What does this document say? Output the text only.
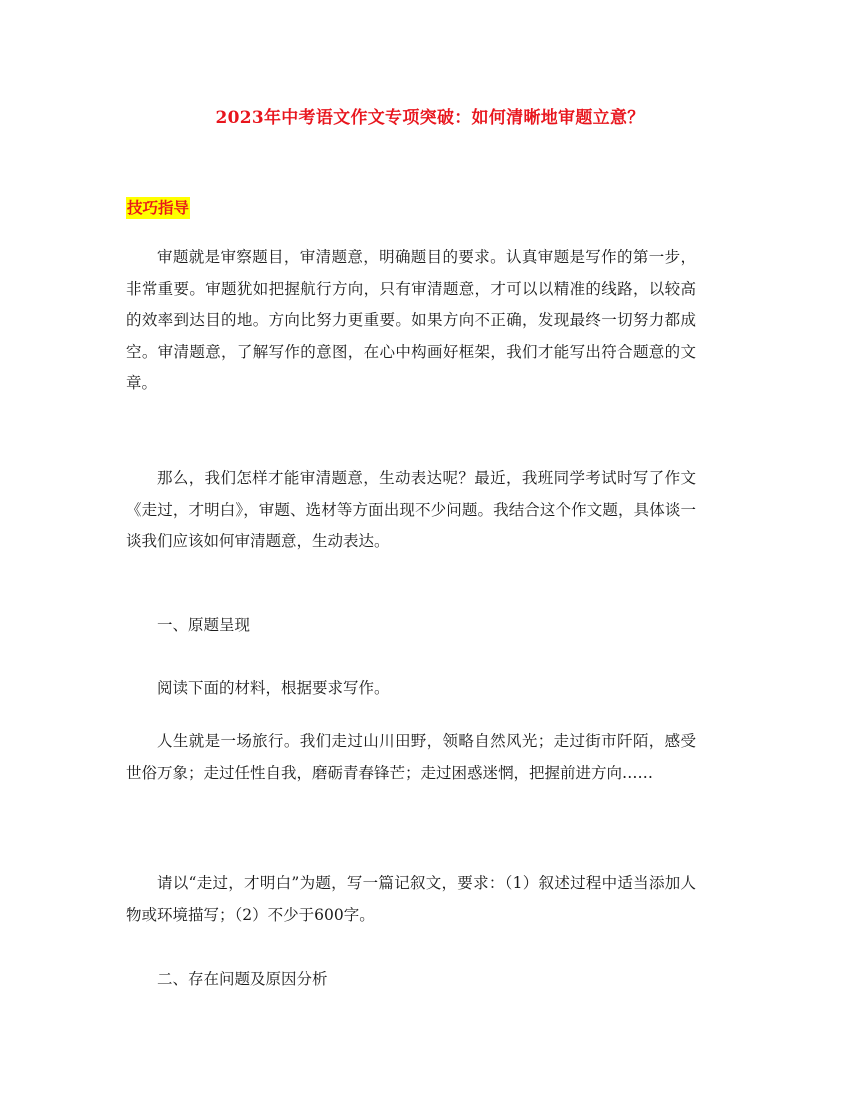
2023年中考语文作文专项突破：如何清晰地审题立意？
技巧指导

审题就是审察题目，审清题意，明确题目的要求。认真审题是写作的第一步，非常重要。审题犹如把握航行方向，只有审清题意，才可以以精准的线路，以较高的效率到达目的地。方向比努力更重要。如果方向不正确，发现最终一切努力都成空。审清题意，了解写作的意图，在心中构画好框架，我们才能写出符合题意的文章。

那么，我们怎样才能审清题意，生动表达呢？最近，我班同学考试时写了作文《走过，才明白》，审题、选材等方面出现不少问题。我结合这个作文题，具体谈一谈我们应该如何审清题意，生动表达。

一、原题呈现

阅读下面的材料，根据要求写作。

人生就是一场旅行。我们走过山川田野，领略自然风光；走过街市阡陌，感受世俗万象；走过任性自我，磨砺青春锋芒；走过困惑迷惘，把握前进方向……

请以“走过，才明白”为题，写一篇记叙文，要求：（1）叙述过程中适当添加人物或环境描写；（2）不少于600字。

二、存在问题及原因分析
